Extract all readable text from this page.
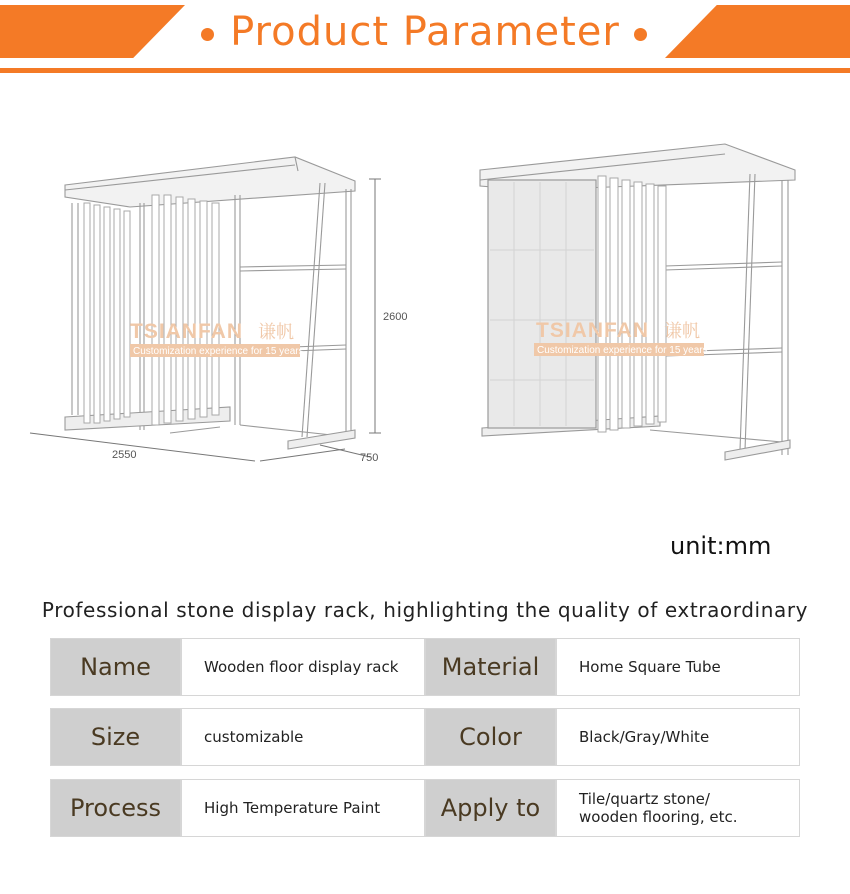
Product Parameter
2600
2550	750
TSIANFAN 谦帆
Customization experience for 15 years
TSIANFAN 谦帆
Customization experience for 15 years
unit:mm
Professional stone display rack, highlighting the quality of extraordinary
Name	Wooden floor display rack	Material	Home Square Tube
Size	customizable	Color	Black/Gray/White
Process	High Temperature Paint	Apply to	Tile/quartz stone/
wooden flooring, etc.
